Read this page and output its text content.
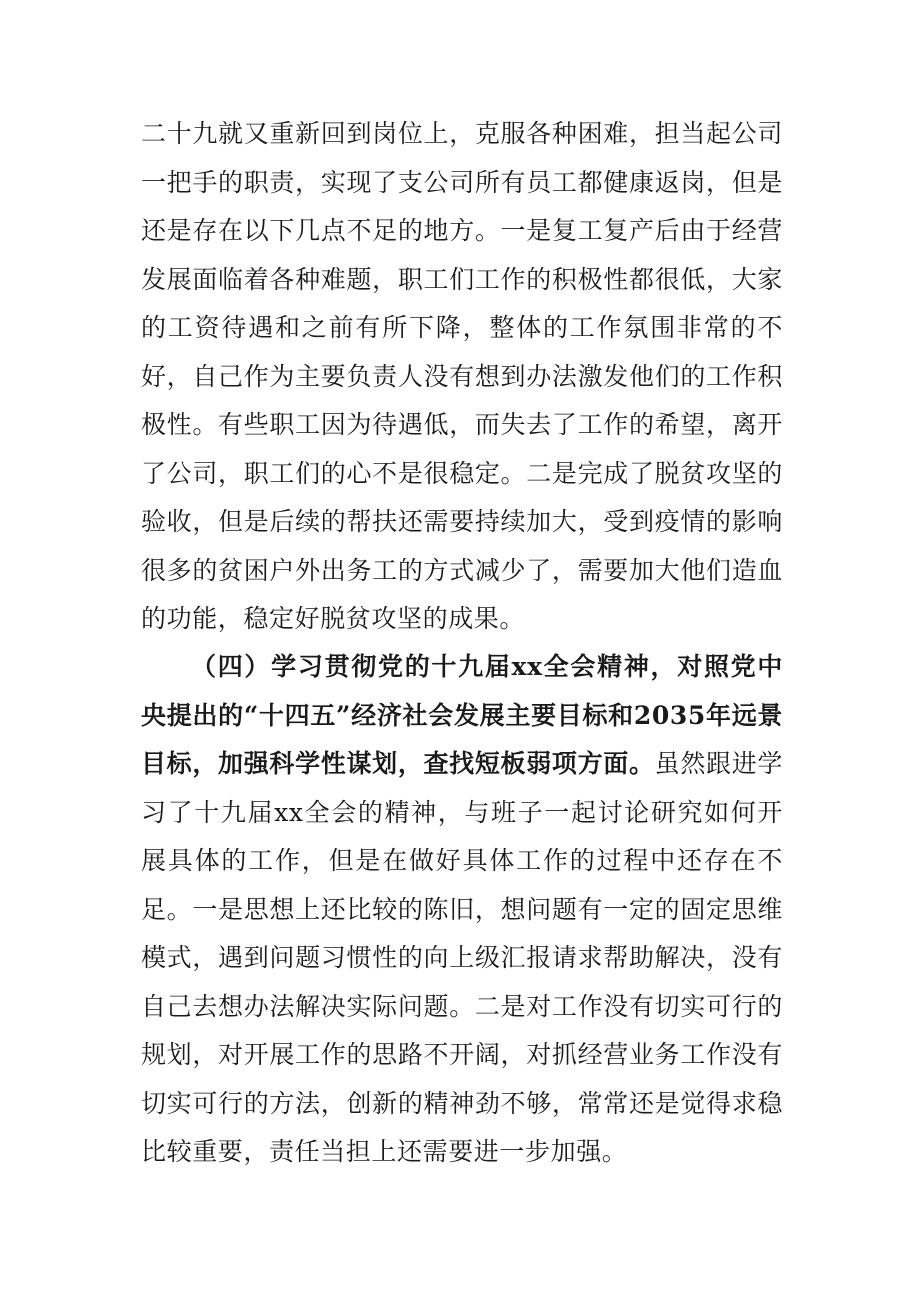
二十九就又重新回到岗位上，克服各种困难，担当起公司一把手的职责，实现了支公司所有员工都健康返岗，但是还是存在以下几点不足的地方。一是复工复产后由于经营发展面临着各种难题，职工们工作的积极性都很低，大家的工资待遇和之前有所下降，整体的工作氛围非常的不好，自己作为主要负责人没有想到办法激发他们的工作积极性。有些职工因为待遇低，而失去了工作的希望，离开了公司，职工们的心不是很稳定。二是完成了脱贫攻坚的验收，但是后续的帮扶还需要持续加大，受到疫情的影响很多的贫困户外出务工的方式减少了，需要加大他们造血的功能，稳定好脱贫攻坚的成果。

（四）学习贯彻党的十九届xx全会精神，对照党中央提出的“十四五”经济社会发展主要目标和2035年远景目标，加强科学性谋划，查找短板弱项方面。虽然跟进学习了十九届xx全会的精神，与班子一起讨论研究如何开展具体的工作，但是在做好具体工作的过程中还存在不足。一是思想上还比较的陈旧，想问题有一定的固定思维模式，遇到问题习惯性的向上级汇报请求帮助解决，没有自己去想办法解决实际问题。二是对工作没有切实可行的规划，对开展工作的思路不开阔，对抓经营业务工作没有切实可行的方法，创新的精神劲不够，常常还是觉得求稳比较重要，责任当担上还需要进一步加强。
